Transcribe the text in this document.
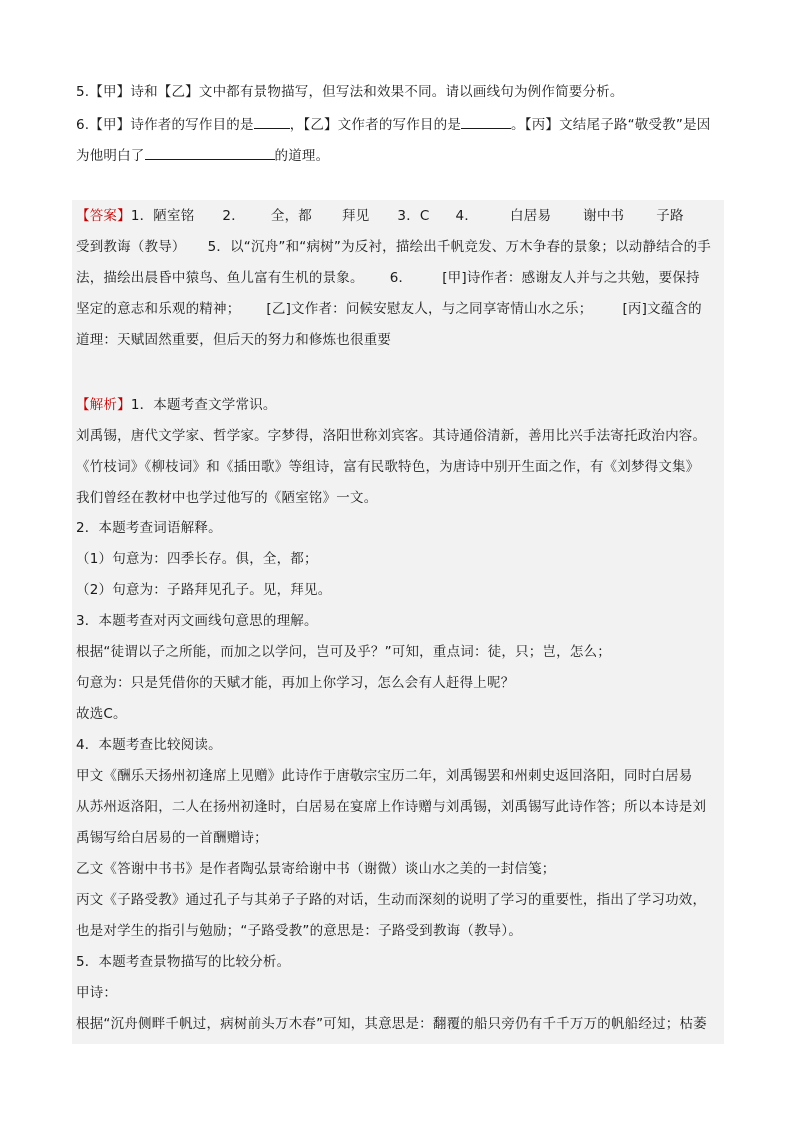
5.【甲】诗和【乙】文中都有景物描写，但写法和效果不同。请以画线句为例作简要分析。
6.【甲】诗作者的写作目的是	，【乙】文作者的写作目的是	。【丙】文结尾子路“敬受教”是因
为他明白了	的道理。
【答案】1．陋室铭 2． 全，都 拜见 3．C 4． 白居易 谢中书 子路
受到教诲（教导） 5．以“沉舟”和“病树”为反衬，描绘出千帆竞发、万木争春的景象；以动静结合的手
法，描绘出晨昏中猿鸟、鱼儿富有生机的景象。 6． [甲]诗作者：感谢友人并与之共勉，要保持
坚定的意志和乐观的精神； [乙]文作者：问候安慰友人，与之同享寄情山水之乐； [丙]文蕴含的
道理：天赋固然重要，但后天的努力和修炼也很重要
【解析】1．本题考查文学常识。
刘禹锡，唐代文学家、哲学家。字梦得，洛阳世称刘宾客。其诗通俗清新，善用比兴手法寄托政治内容。
《竹枝词》《柳枝词》和《插田歌》等组诗，富有民歌特色，为唐诗中别开生面之作，有《刘梦得文集》
我们曾经在教材中也学过他写的《陋室铭》一文。
2．本题考查词语解释。
（1）句意为：四季长存。俱，全，都；
（2）句意为：子路拜见孔子。见，拜见。
3．本题考查对丙文画线句意思的理解。
根据“徒谓以子之所能，而加之以学问，岂可及乎？”可知，重点词：徒，只；岂，怎么；
句意为：只是凭借你的天赋才能，再加上你学习，怎么会有人赶得上呢？
故选C。
4．本题考查比较阅读。
甲文《酬乐天扬州初逢席上见赠》此诗作于唐敬宗宝历二年，刘禹锡罢和州刺史返回洛阳，同时白居易
从苏州返洛阳，二人在扬州初逢时，白居易在宴席上作诗赠与刘禹锡，刘禹锡写此诗作答；所以本诗是刘
禹锡写给白居易的一首酬赠诗；
乙文《答谢中书书》是作者陶弘景寄给谢中书（谢微）谈山水之美的一封信笺；
丙文《子路受教》通过孔子与其弟子子路的对话，生动而深刻的说明了学习的重要性，指出了学习功效，
也是对学生的指引与勉励；“子路受教”的意思是：子路受到教诲（教导）。
5．本题考查景物描写的比较分析。
甲诗：
根据“沉舟侧畔千帆过，病树前头万木春”可知，其意思是：翻覆的船只旁仍有千千万万的帆船经过；枯萎
